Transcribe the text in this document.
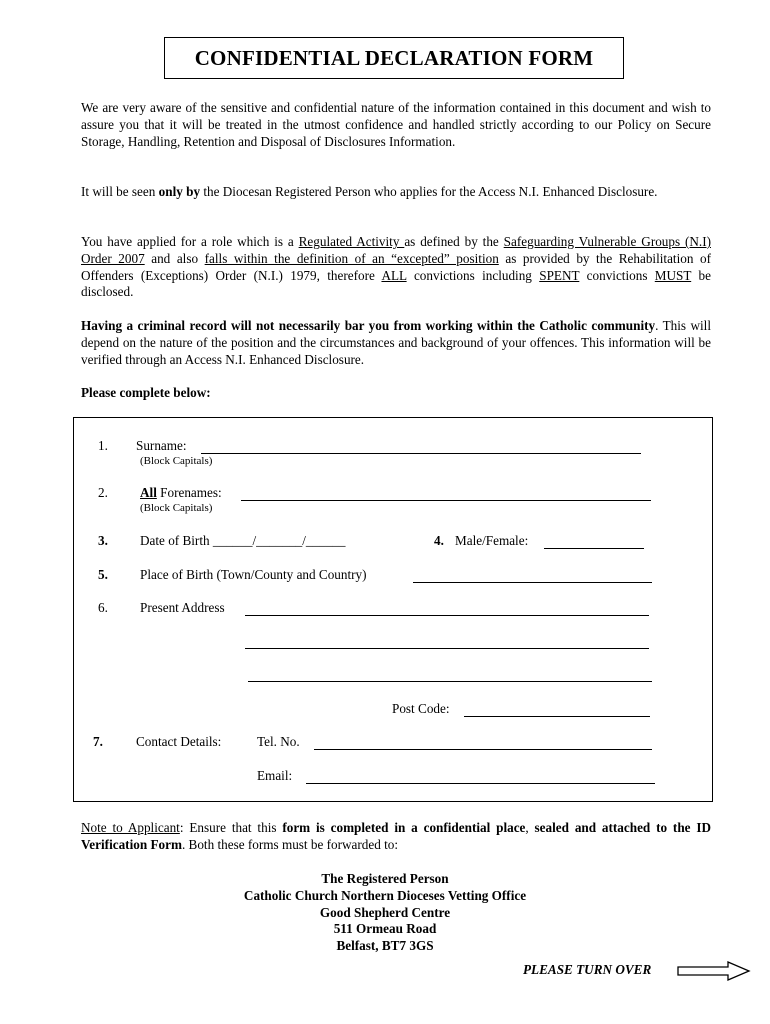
CONFIDENTIAL DECLARATION FORM
We are very aware of the sensitive and confidential nature of the information contained in this document and wish to assure you that it will be treated in the utmost confidence and handled strictly according to our Policy on Secure Storage, Handling, Retention and Disposal of Disclosures Information.
It will be seen only by the Diocesan Registered Person who applies for the Access N.I. Enhanced Disclosure.
You have applied for a role which is a Regulated Activity as defined by the Safeguarding Vulnerable Groups (N.I) Order 2007 and also falls within the definition of an “excepted” position as provided by the Rehabilitation of Offenders (Exceptions) Order (N.I.) 1979, therefore ALL convictions including SPENT convictions MUST be disclosed.
Having a criminal record will not necessarily bar you from working within the Catholic community. This will depend on the nature of the position and the circumstances and background of your offences. This information will be verified through an Access N.I. Enhanced Disclosure.
Please complete below:
1. Surname:
(Block Capitals)
2. All Forenames:
(Block Capitals)
3. Date of Birth ______/_______/______	4. Male/Female:
5. Place of Birth (Town/County and Country)
6. Present Address
Post Code:
7.	Contact Details:	Tel. No.
Email:
Note to Applicant: Ensure that this form is completed in a confidential place, sealed and attached to the ID Verification Form. Both these forms must be forwarded to:
The Registered Person
Catholic Church Northern Dioceses Vetting Office
Good Shepherd Centre
511 Ormeau Road
Belfast, BT7 3GS
PLEASE TURN OVER
